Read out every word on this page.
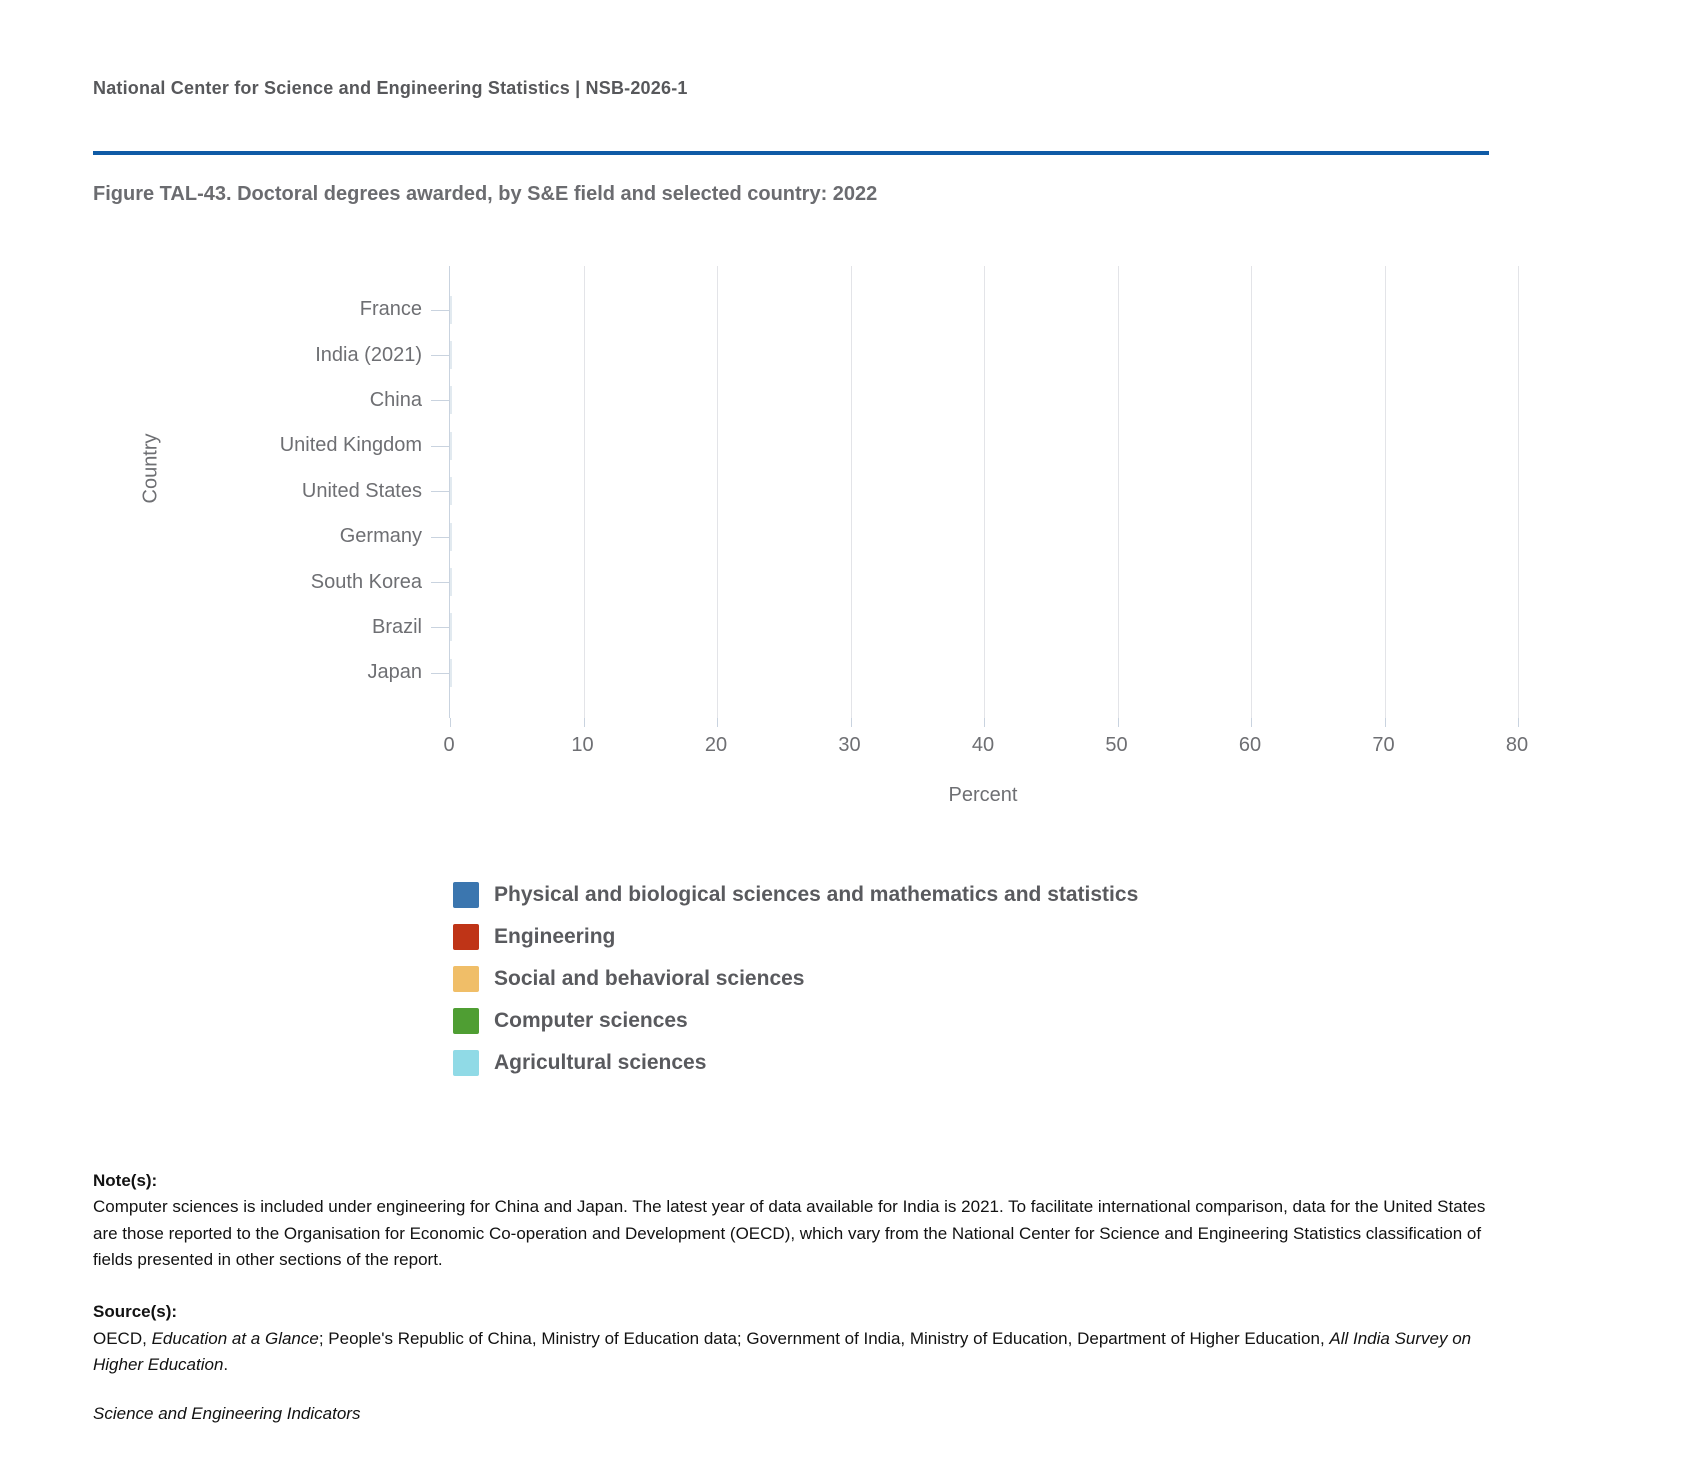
National Center for Science and Engineering Statistics | NSB-2026-1
Figure TAL-43. Doctoral degrees awarded, by S&E field and selected country: 2022
Country
France
India (2021)
China
United Kingdom
United States
Germany
South Korea
Brazil
Japan
0	10	20	30	40	50	60	70	80
Percent
Physical and biological sciences and mathematics and statistics
Engineering
Social and behavioral sciences
Computer sciences
Agricultural sciences
Note(s):
Computer sciences is included under engineering for China and Japan. The latest year of data available for India is 2021. To facilitate international comparison, data for the United States are those reported to the Organisation for Economic Co-operation and Development (OECD), which vary from the National Center for Science and Engineering Statistics classification of fields presented in other sections of the report.
Source(s):
OECD, Education at a Glance; People's Republic of China, Ministry of Education data; Government of India, Ministry of Education, Department of Higher Education, All India Survey on Higher Education.
Science and Engineering Indicators
